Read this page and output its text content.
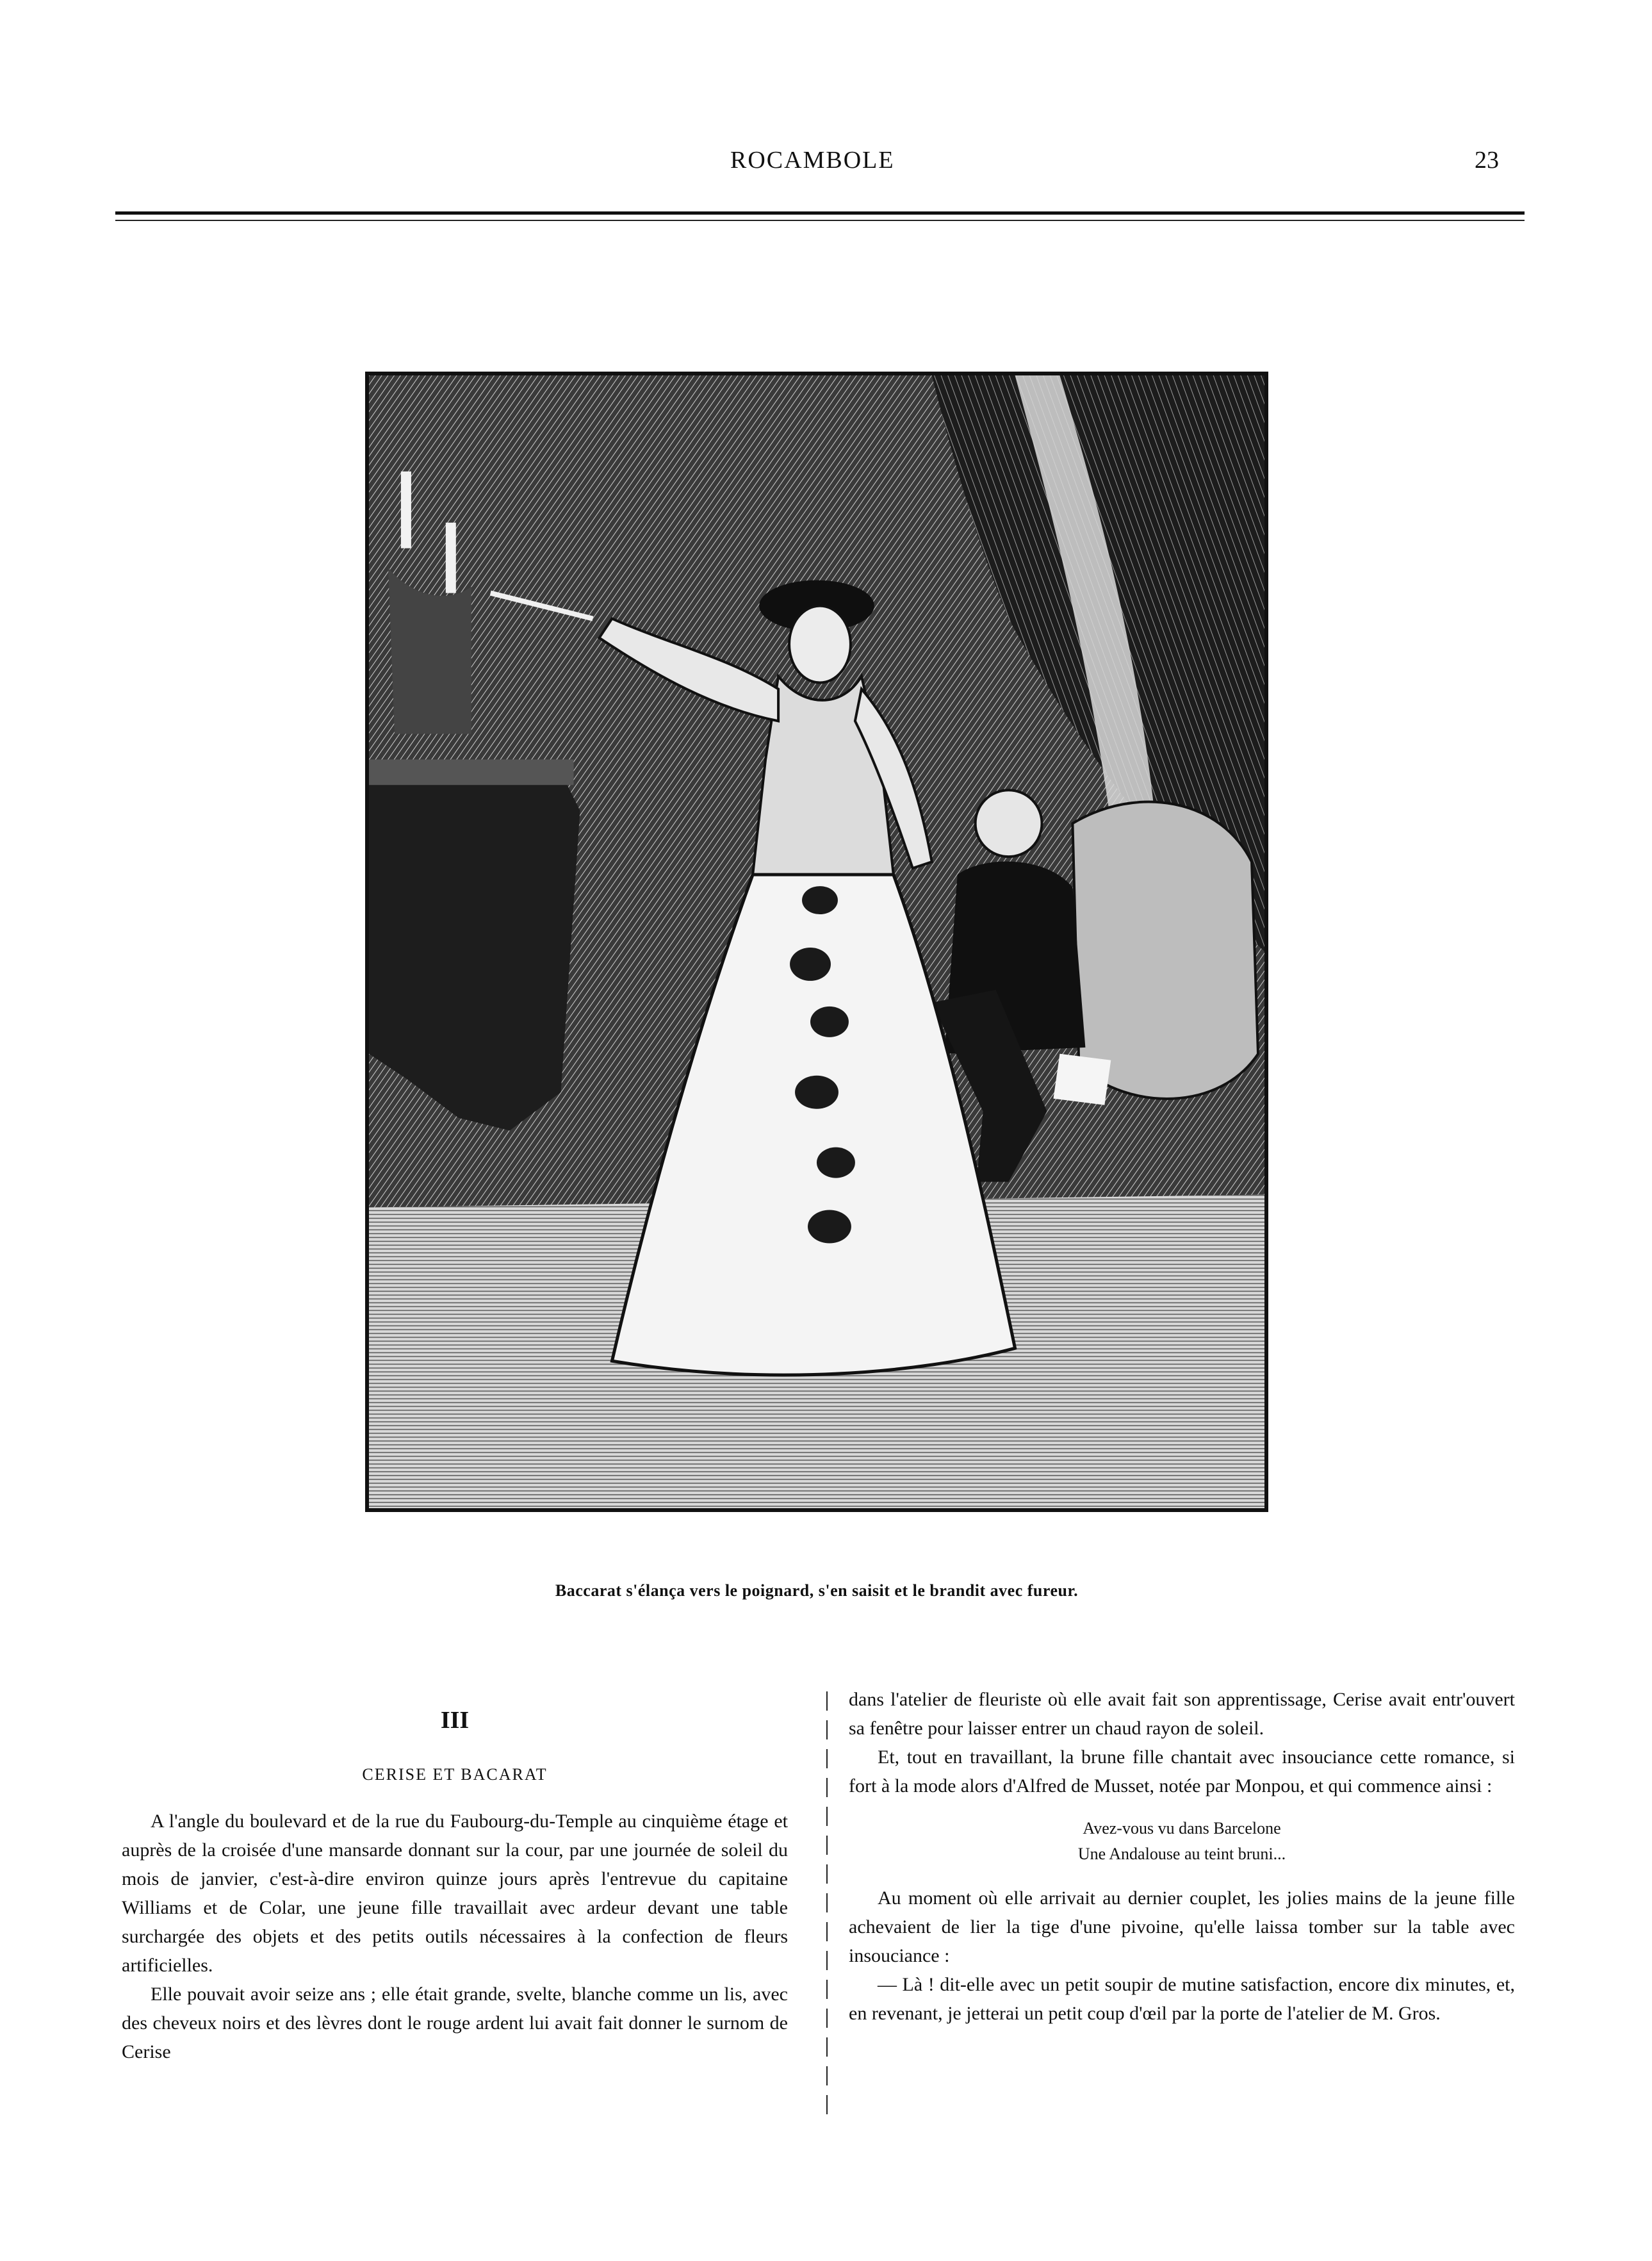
ROCAMBOLE	23
Baccarat s'élança vers le poignard, s'en saisit et le brandit avec fureur.
III
CERISE ET BACARAT

A l'angle du boulevard et de la rue du Faubourg-du-Temple au cinquième étage et auprès de la croisée d'une mansarde donnant sur la cour, par une journée de soleil du mois de janvier, c'est-à-dire environ quinze jours après l'entrevue du capitaine Williams et de Colar, une jeune fille travaillait avec ardeur devant une table surchargée des objets et des petits outils nécessaires à la confection de fleurs artificielles.

Elle pouvait avoir seize ans ; elle était grande, svelte, blanche comme un lis, avec des cheveux noirs et des lèvres dont le rouge ardent lui avait fait donner le surnom de Cerise

dans l'atelier de fleuriste où elle avait fait son apprentissage, Cerise avait entr'ouvert sa fenêtre pour laisser entrer un chaud rayon de soleil.

Et, tout en travaillant, la brune fille chantait avec insouciance cette romance, si fort à la mode alors d'Alfred de Musset, notée par Monpou, et qui commence ainsi :

Avez-vous vu dans Barcelone
Une Andalouse au teint bruni...

Au moment où elle arrivait au dernier couplet, les jolies mains de la jeune fille achevaient de lier la tige d'une pivoine, qu'elle laissa tomber sur la table avec insouciance :

— Là ! dit-elle avec un petit soupir de mutine satisfaction, encore dix minutes, et, en revenant, je jetterai un petit coup d'œil par la porte de l'atelier de M. Gros.
